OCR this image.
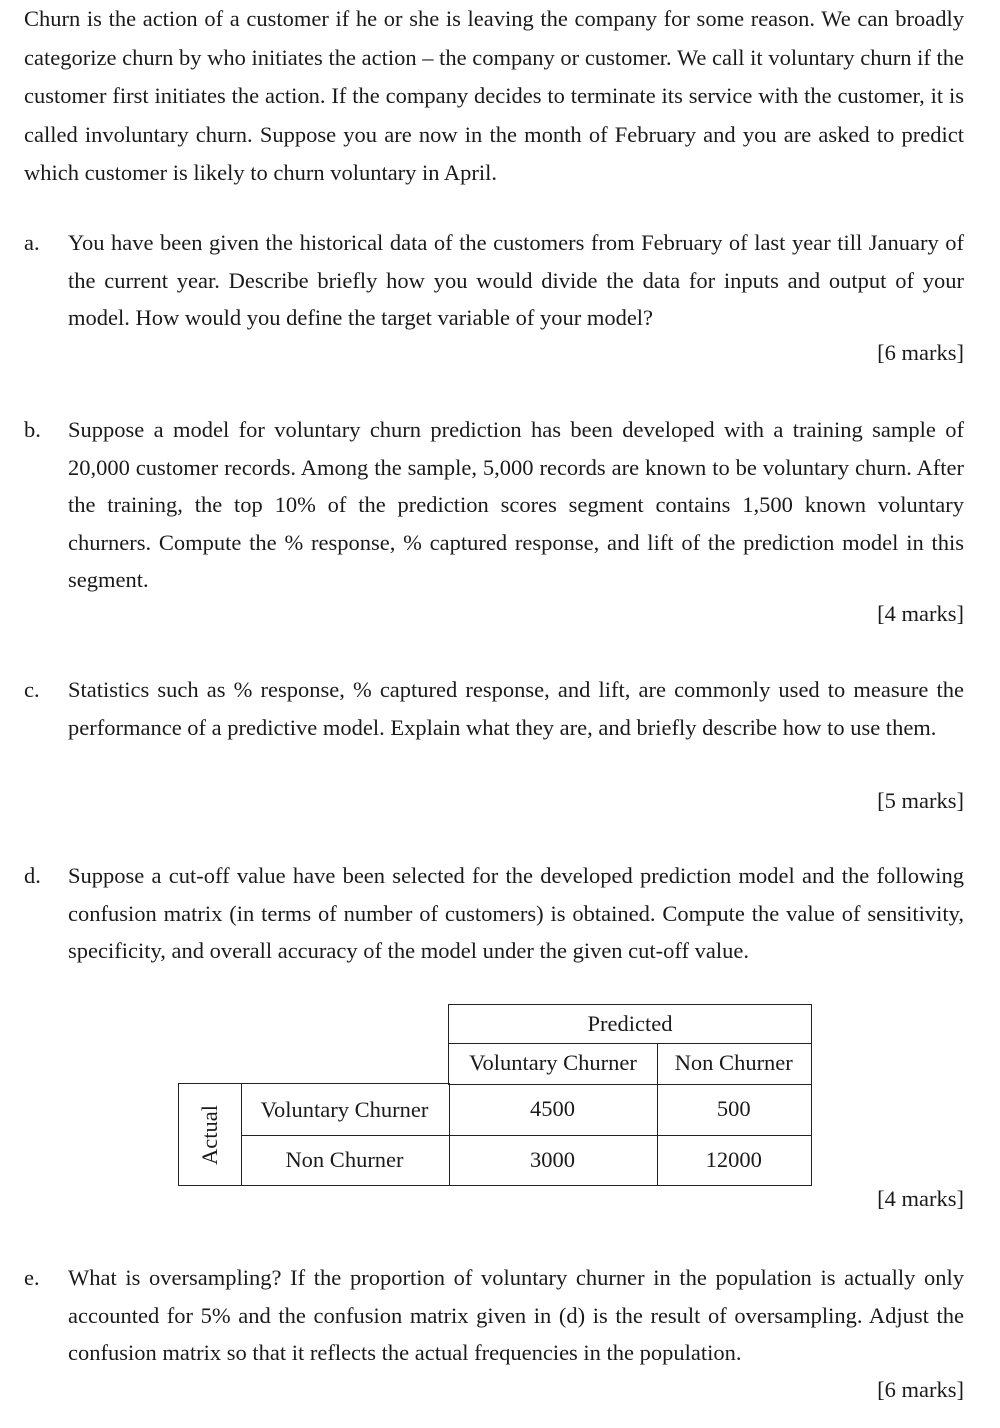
Churn is the action of a customer if he or she is leaving the company for some reason. We can broadly categorize churn by who initiates the action – the company or customer. We call it voluntary churn if the customer first initiates the action. If the company decides to terminate its service with the customer, it is called involuntary churn. Suppose you are now in the month of February and you are asked to predict which customer is likely to churn voluntary in April.

a. You have been given the historical data of the customers from February of last year till January of the current year. Describe briefly how you would divide the data for inputs and output of your model. How would you define the target variable of your model?
[6 marks]
b. Suppose a model for voluntary churn prediction has been developed with a training sample of 20,000 customer records. Among the sample, 5,000 records are known to be voluntary churn. After the training, the top 10% of the prediction scores segment contains 1,500 known voluntary churners. Compute the % response, % captured response, and lift of the prediction model in this segment.
[4 marks]
c. Statistics such as % response, % captured response, and lift, are commonly used to measure the performance of a predictive model. Explain what they are, and briefly describe how to use them.
[5 marks]
d. Suppose a cut-off value have been selected for the developed prediction model and the following confusion matrix (in terms of number of customers) is obtained. Compute the value of sensitivity, specificity, and overall accuracy of the model under the given cut-off value.
[4 marks]
Predicted
Voluntary Churner	Non Churner
Actual	Voluntary Churner	4500	500
Non Churner	3000	12000
e. What is oversampling? If the proportion of voluntary churner in the population is actually only accounted for 5% and the confusion matrix given in (d) is the result of oversampling. Adjust the confusion matrix so that it reflects the actual frequencies in the population.
[6 marks]
